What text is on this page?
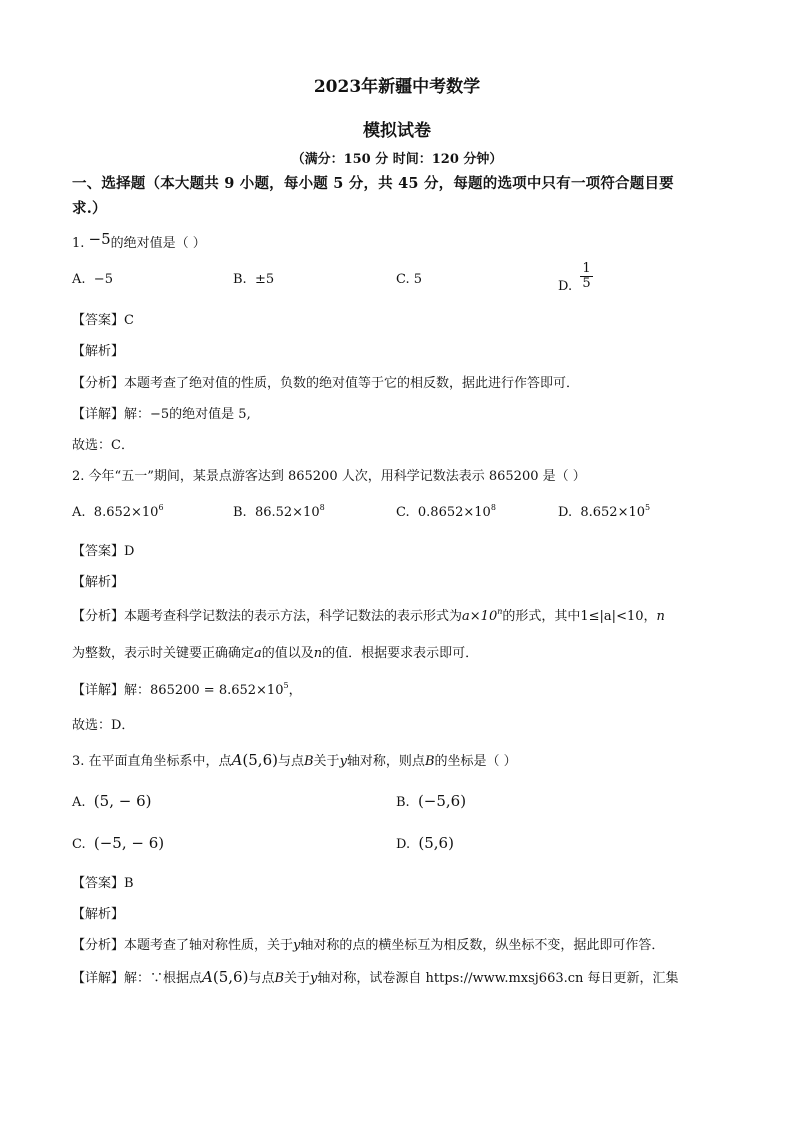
2023年新疆中考数学
模拟试卷
（满分：150 分 时间：120 分钟）
一、选择题（本大题共 9 小题，每小题 5 分，共 45 分，每题的选项中只有一项符合题目要
求.）
1. −5的绝对值是（ ）
A. −5	B. ±5	C. 5	D. $\frac{1}{5}$
【答案】C
【解析】
【分析】本题考查了绝对值的性质，负数的绝对值等于它的相反数，据此进行作答即可．
【详解】解：−5的绝对值是 5,
故选：C．
2. 今年“五一”期间，某景点游客达到 865200 人次，用科学记数法表示 865200 是（ ）
A. $8.652\times 10^6$	B. $86.52\times 10^8$	C. $0.8652\times 10^8$	D. $8.652\times 10^5$
【答案】D
【解析】
【分析】本题考查科学记数法的表示方法，科学记数法的表示形式为$a\times 10^n$的形式，其中1≤|a|<10，n
为整数，表示时关键要正确确定a的值以及n的值．根据要求表示即可．
【详解】解：$865200 = 8.652\times 10^5$，
故选：D．
3. 在平面直角坐标系中，点A(5,6)与点B关于y轴对称，则点B的坐标是（ ）
A. (5, − 6)	B. (−5,6)
C. (−5, − 6)	D. (5,6)
【答案】B
【解析】
【分析】本题考查了轴对称性质，关于y轴对称的点的横坐标互为相反数，纵坐标不变，据此即可作答．
【详解】解：∵根据点A(5,6)与点B关于y轴对称，试卷源自 https://www.mxsj663.cn 每日更新，汇集
